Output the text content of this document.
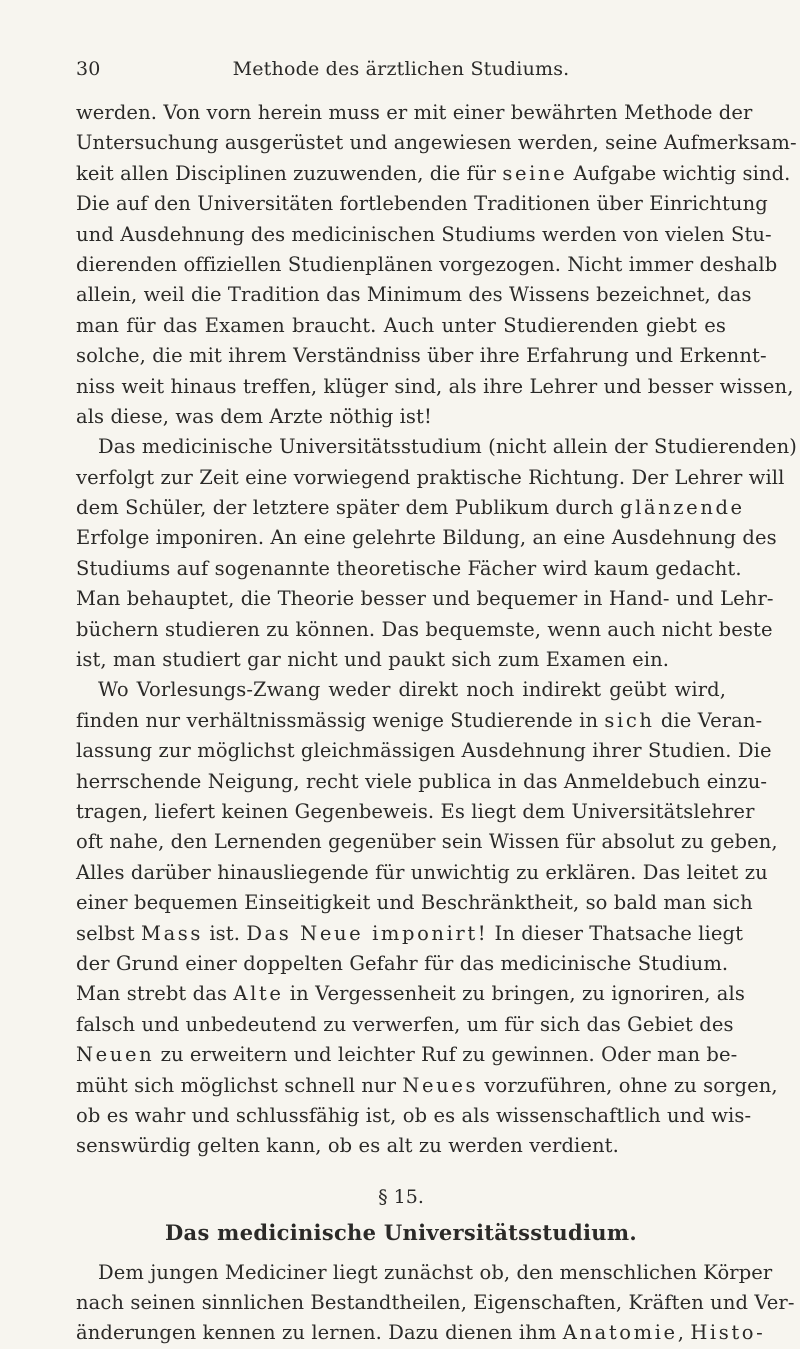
30	Methode des ärztlichen Studiums.
werden. Von vorn herein muss er mit einer bewährten Methode der
Untersuchung ausgerüstet und angewiesen werden, seine Aufmerksam-
keit allen Disciplinen zuzuwenden, die für seine Aufgabe wichtig sind.
Die auf den Universitäten fortlebenden Traditionen über Einrichtung
und Ausdehnung des medicinischen Studiums werden von vielen Stu-
dierenden offiziellen Studienplänen vorgezogen. Nicht immer deshalb
allein, weil die Tradition das Minimum des Wissens bezeichnet, das
man für das Examen braucht. Auch unter Studierenden giebt es
solche, die mit ihrem Verständniss über ihre Erfahrung und Erkennt-
niss weit hinaus treffen, klüger sind, als ihre Lehrer und besser wissen,
als diese, was dem Arzte nöthig ist!
Das medicinische Universitätsstudium (nicht allein der Studierenden)
verfolgt zur Zeit eine vorwiegend praktische Richtung. Der Lehrer will
dem Schüler, der letztere später dem Publikum durch glänzende
Erfolge imponiren. An eine gelehrte Bildung, an eine Ausdehnung des
Studiums auf sogenannte theoretische Fächer wird kaum gedacht.
Man behauptet, die Theorie besser und bequemer in Hand- und Lehr-
büchern studieren zu können. Das bequemste, wenn auch nicht beste
ist, man studiert gar nicht und paukt sich zum Examen ein.
Wo Vorlesungs-Zwang weder direkt noch indirekt geübt wird,
finden nur verhältnissmässig wenige Studierende in sich die Veran-
lassung zur möglichst gleichmässigen Ausdehnung ihrer Studien. Die
herrschende Neigung, recht viele publica in das Anmeldebuch einzu-
tragen, liefert keinen Gegenbeweis. Es liegt dem Universitätslehrer
oft nahe, den Lernenden gegenüber sein Wissen für absolut zu geben,
Alles darüber hinausliegende für unwichtig zu erklären. Das leitet zu
einer bequemen Einseitigkeit und Beschränktheit, so bald man sich
selbst Mass ist. Das Neue imponirt! In dieser Thatsache liegt
der Grund einer doppelten Gefahr für das medicinische Studium.
Man strebt das Alte in Vergessenheit zu bringen, zu ignoriren, als
falsch und unbedeutend zu verwerfen, um für sich das Gebiet des
Neuen zu erweitern und leichter Ruf zu gewinnen. Oder man be-
müht sich möglichst schnell nur Neues vorzuführen, ohne zu sorgen,
ob es wahr und schlussfähig ist, ob es als wissenschaftlich und wis-
senswürdig gelten kann, ob es alt zu werden verdient.
§ 15.
Das medicinische Universitätsstudium.
Dem jungen Mediciner liegt zunächst ob, den menschlichen Körper
nach seinen sinnlichen Bestandtheilen, Eigenschaften, Kräften und Ver-
änderungen kennen zu lernen. Dazu dienen ihm Anatomie, Histo-
